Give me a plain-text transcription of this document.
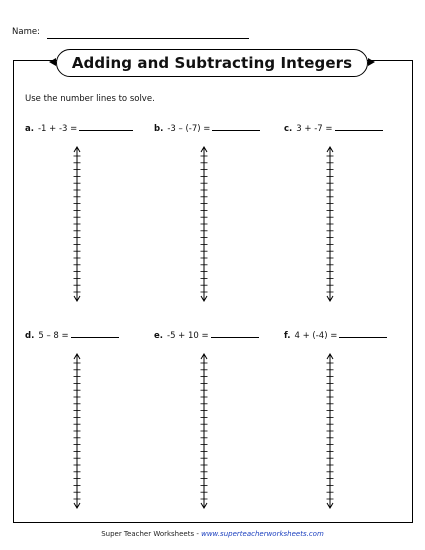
Name:
Adding and Subtracting Integers
Use the number lines to solve.
a. -1 + -3 =	b. -3 – (-7) =	c. 3 + -7 =
d. 5 – 8 =	e. -5 + 10 =	f. 4 + (-4) =
Super Teacher Worksheets - www.superteacherworksheets.com
